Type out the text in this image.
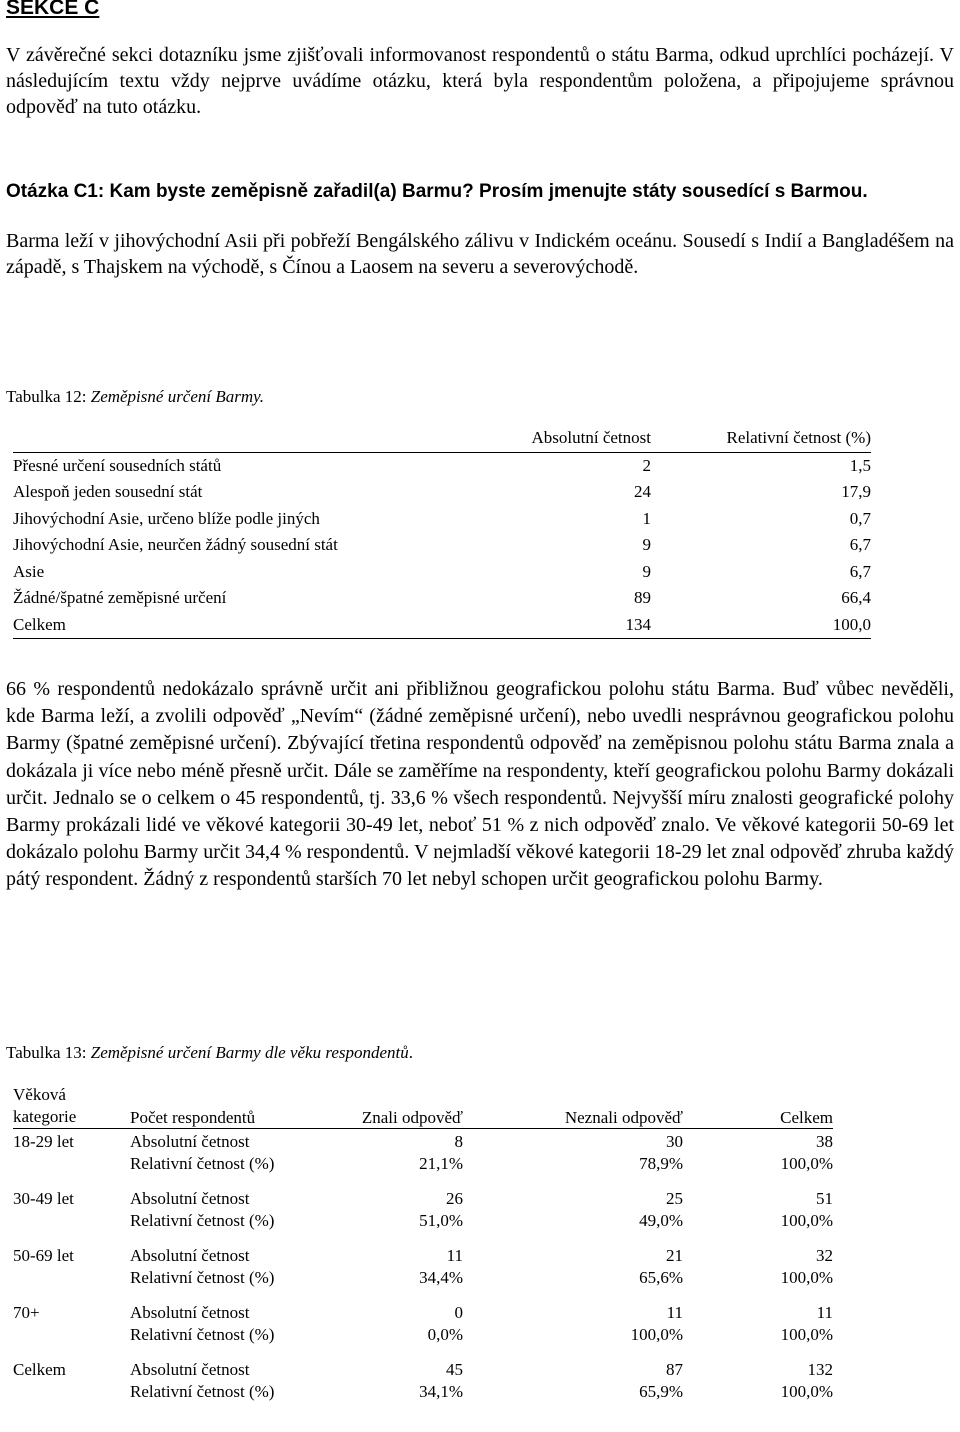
SEKCE C

V závěrečné sekci dotazníku jsme zjišťovali informovanost respondentů o státu Barma, odkud uprchlíci pocházejí. V následujícím textu vždy nejprve uvádíme otázku, která byla respondentům položena, a připojujeme správnou odpověď na tuto otázku.

Otázka C1: Kam byste zeměpisně zařadil(a) Barmu? Prosím jmenujte státy sousedící s Barmou.

Barma leží v jihovýchodní Asii při pobřeží Bengálského zálivu v Indickém oceánu. Sousedí s Indií a Bangladéšem na západě, s Thajskem na východě, s Čínou a Laosem na severu a severovýchodě.

Tabulka 12: Zeměpisné určení Barmy.

	Absolutní četnost	Relativní četnost (%)
Přesné určení sousedních států	2	1,5
Alespoň jeden sousední stát	24	17,9
Jihovýchodní Asie, určeno blíže podle jiných	1	0,7
Jihovýchodní Asie, neurčen žádný sousední stát	9	6,7
Asie	9	6,7
Žádné/špatné zeměpisné určení	89	66,4
Celkem	134	100,0

66 % respondentů nedokázalo správně určit ani přibližnou geografickou polohu státu Barma. Buď vůbec nevěděli, kde Barma leží, a zvolili odpověď „Nevím“ (žádné zeměpisné určení), nebo uvedli nesprávnou geografickou polohu Barmy (špatné zeměpisné určení). Zbývající třetina respondentů odpověď na zeměpisnou polohu státu Barma znala a dokázala ji více nebo méně přesně určit. Dále se zaměříme na respondenty, kteří geografickou polohu Barmy dokázali určit. Jednalo se o celkem o 45 respondentů, tj. 33,6 % všech respondentů. Nejvyšší míru znalosti geografické polohy Barmy prokázali lidé ve věkové kategorii 30-49 let, neboť 51 % z nich odpověď znalo. Ve věkové kategorii 50-69 let dokázalo polohu Barmy určit 34,4 % respondentů. V nejmladší věkové kategorii 18-29 let znal odpověď zhruba každý pátý respondent. Žádný z respondentů starších 70 let nebyl schopen určit geografickou polohu Barmy.

Tabulka 13: Zeměpisné určení Barmy dle věku respondentů.

Věková
kategorie	Počet respondentů	Znali odpověď	Neznali odpověď	Celkem
18-29 let	Absolutní četnost	8	30	38
	Relativní četnost (%)	21,1%	78,9%	100,0%

30-49 let	Absolutní četnost	26	25	51
	Relativní četnost (%)	51,0%	49,0%	100,0%

50-69 let	Absolutní četnost	11	21	32
	Relativní četnost (%)	34,4%	65,6%	100,0%

70+	Absolutní četnost	0	11	11
	Relativní četnost (%)	0,0%	100,0%	100,0%

Celkem	Absolutní četnost	45	87	132
	Relativní četnost (%)	34,1%	65,9%	100,0%
